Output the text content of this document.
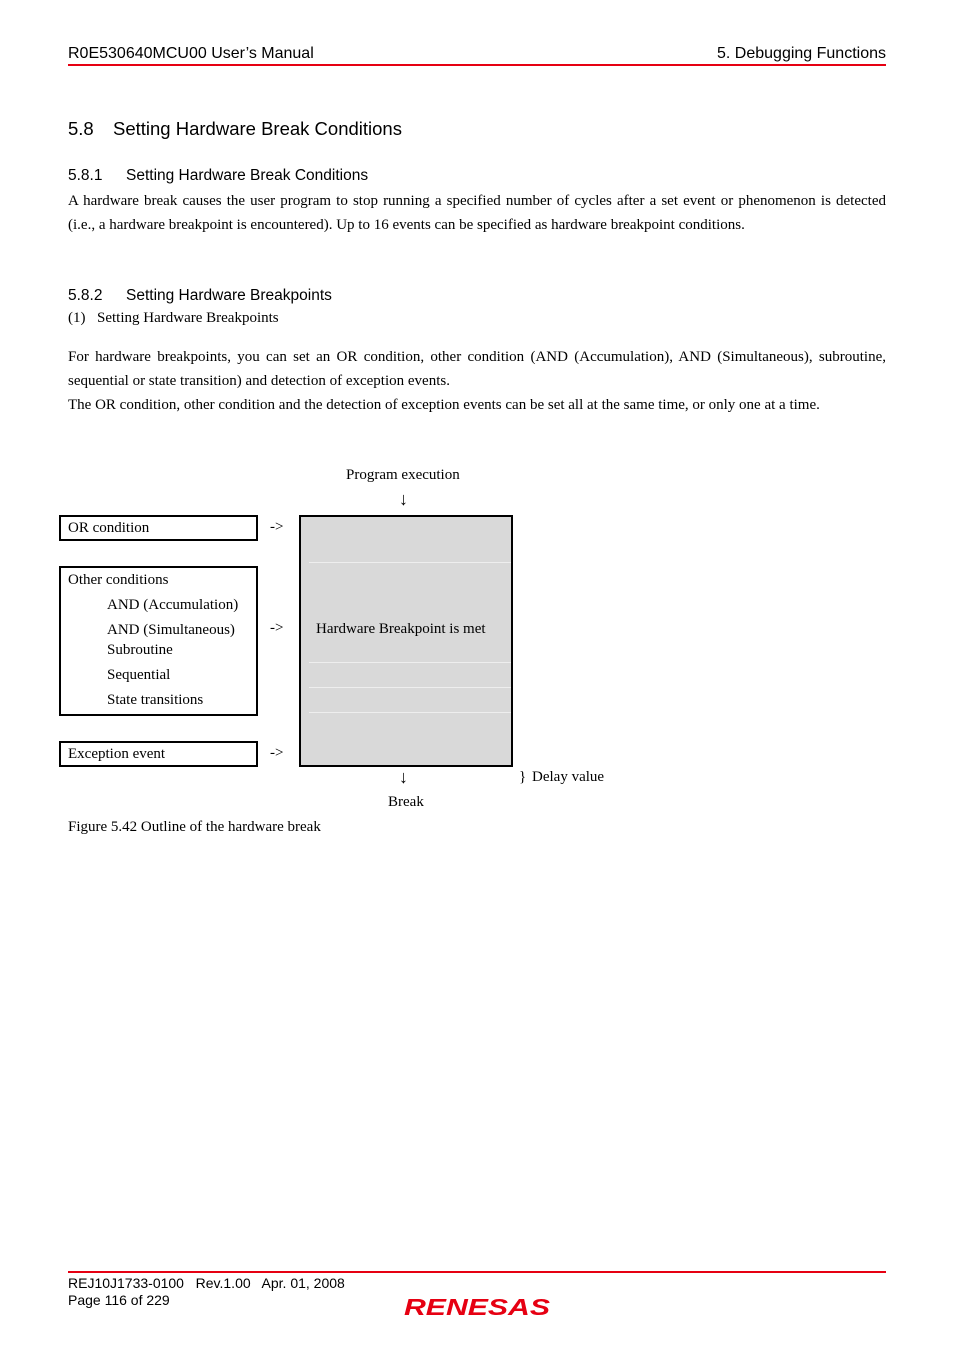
R0E530640MCU00 User’s Manual	5. Debugging Functions
5.8 Setting Hardware Break Conditions
5.8.1 Setting Hardware Break Conditions
A hardware break causes the user program to stop running a specified number of cycles after a set event or phenomenon is detected (i.e., a hardware breakpoint is encountered). Up to 16 events can be specified as hardware breakpoint conditions.
5.8.2 Setting Hardware Breakpoints
(1) Setting Hardware Breakpoints
For hardware breakpoints, you can set an OR condition, other condition (AND (Accumulation), AND (Simultaneous), subroutine, sequential or state transition) and detection of exception events.
The OR condition, other condition and the detection of exception events can be set all at the same time, or only one at a time.
Program execution
↓
OR condition
Other conditions
AND (Accumulation)
AND (Simultaneous)
Subroutine
Sequential
State transitions
Exception event
->
->
->
Hardware Breakpoint is met
↓	} Delay value
Break
Figure 5.42 Outline of the hardware break
REJ10J1733-0100   Rev.1.00   Apr. 01, 2008
Page 116 of 229	RENESAS
